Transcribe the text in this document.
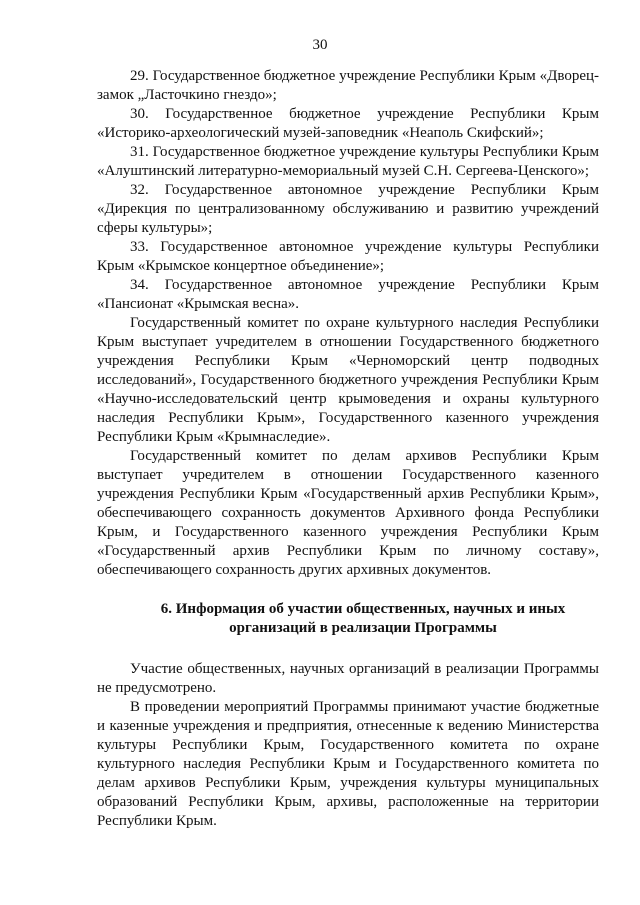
30

29. Государственное бюджетное учреждение Республики Крым «Дворец-замок „Ласточкино гнездо»;

30. Государственное бюджетное учреждение Республики Крым «Историко-археологический музей-заповедник «Неаполь Скифский»;

31. Государственное бюджетное учреждение культуры Республики Крым «Алуштинский литературно-мемориальный музей С.Н. Сергеева-Ценского»;

32. Государственное автономное учреждение Республики Крым «Дирекция по централизованному обслуживанию и развитию учреждений сферы культуры»;

33. Государственное автономное учреждение культуры Республики Крым «Крымское концертное объединение»;

34. Государственное автономное учреждение Республики Крым «Пансионат «Крымская весна».

Государственный комитет по охране культурного наследия Республики Крым выступает учредителем в отношении Государственного бюджетного учреждения Республики Крым «Черноморский центр подводных исследований», Государственного бюджетного учреждения Республики Крым «Научно-исследовательский центр крымоведения и охраны культурного наследия Республики Крым», Государственного казенного учреждения Республики Крым «Крымнаследие».

Государственный комитет по делам архивов Республики Крым выступает учредителем в отношении Государственного казенного учреждения Республики Крым «Государственный архив Республики Крым», обеспечивающего сохранность документов Архивного фонда Республики Крым, и Государственного казенного учреждения Республики Крым «Государственный архив Республики Крым по личному составу», обеспечивающего сохранность других архивных документов.

6. Информация об участии общественных, научных и иных
организаций в реализации Программы

Участие общественных, научных организаций в реализации Программы не предусмотрено.

В проведении мероприятий Программы принимают участие бюджетные и казенные учреждения и предприятия, отнесенные к ведению Министерства культуры Республики Крым, Государственного комитета по охране культурного наследия Республики Крым и Государственного комитета по делам архивов Республики Крым, учреждения культуры муниципальных образований Республики Крым, архивы, расположенные на территории Республики Крым.
